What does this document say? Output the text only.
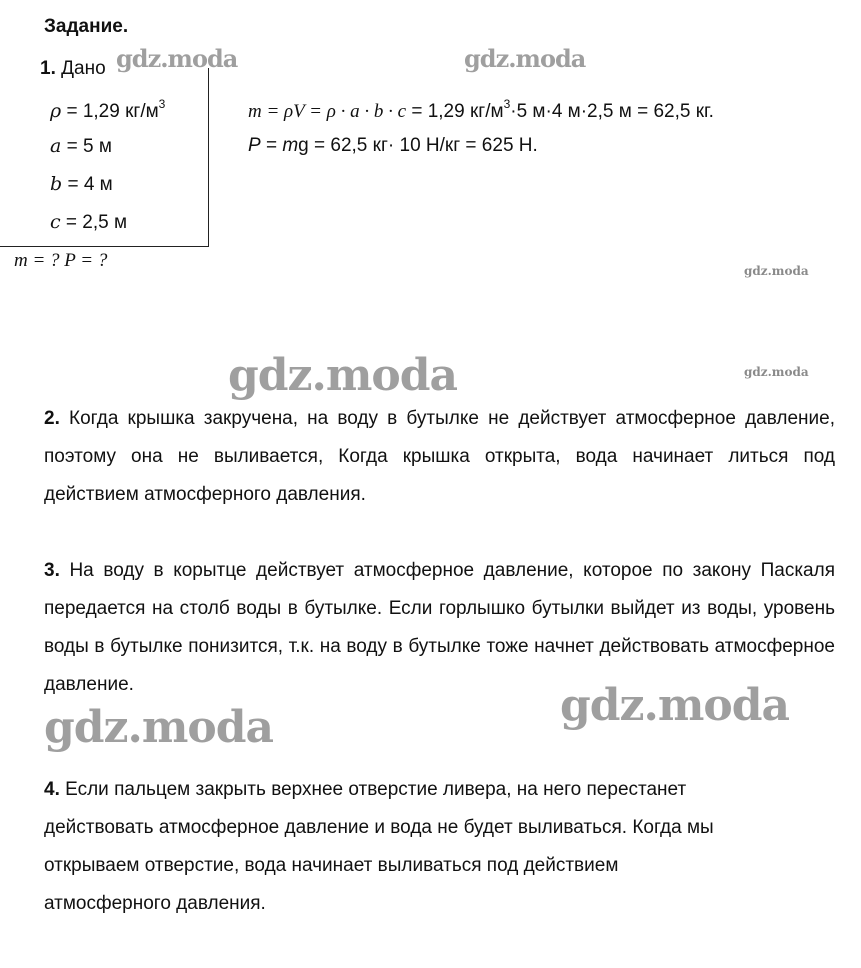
Задание.
1. Дано
ρ = 1,29 $кг/м^3$
a = 5 м
b = 4 м
c = 2,5 м
m = ? P = ?
m = ρV = ρ · a · b · c = 1,29 $кг/м^3\cdot 5$ м·4 м·2,5 м = 62,5 кг.
P = mg = 62,5 кг· 10 Н/кг = 625 Н.
2. Когда крышка закручена, на воду в бутылке не действует атмосферное давление, поэтому она не выливается, Когда крышка открыта, вода начинает литься под действием атмосферного давления.
3. На воду в корытце действует атмосферное давление, которое по закону Паскаля передается на столб воды в бутылке. Если горлышко бутылки выйдет из воды, уровень воды в бутылке понизится, т.к. на воду в бутылке тоже начнет действовать атмосферное давление.
4. Если пальцем закрыть верхнее отверстие ливера, на него перестанет
действовать атмосферное давление и вода не будет выливаться. Когда мы
открываем отверстие, вода начинает выливаться под действием
атмосферного давления.
gdz.moda	gdz.moda
gdz.moda
gdz.moda
gdz.moda
gdz.moda	gdz.moda
